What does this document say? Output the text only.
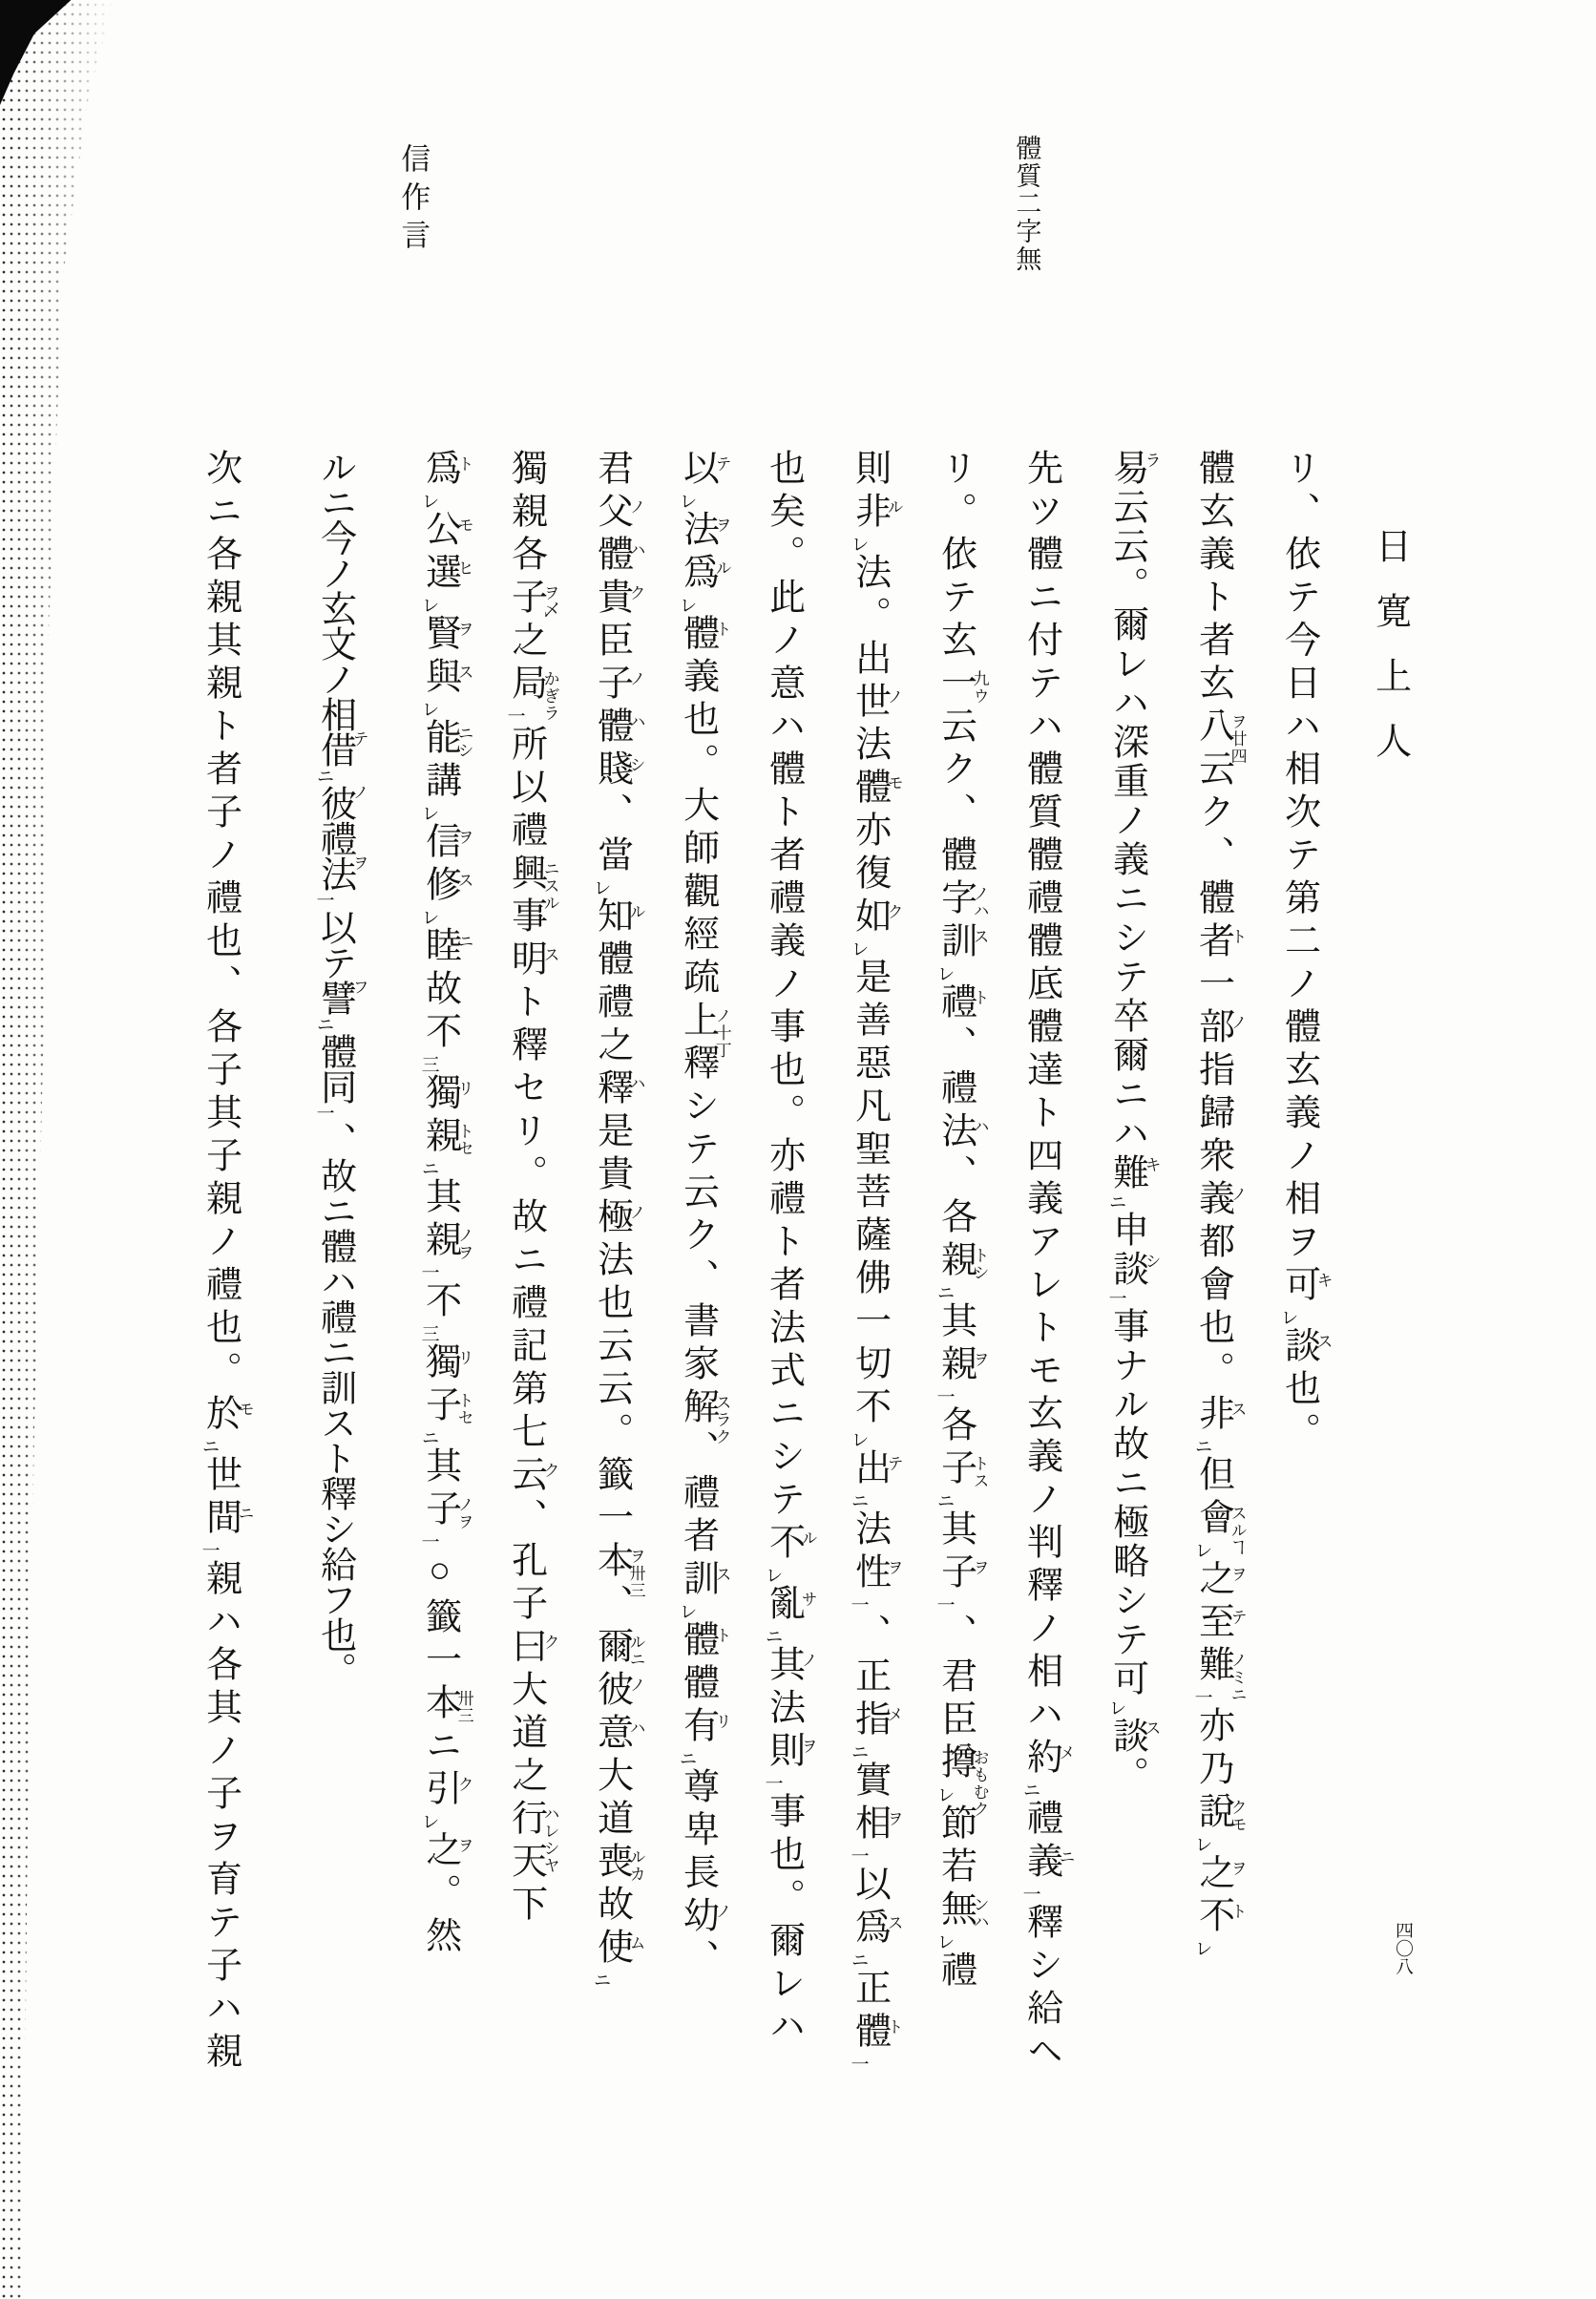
日寛上人
體質二字無
信作言
四〇八
リ、依テ今日ハ相次テ第二ノ體玄義ノ相ヲ可キレ談ス也。
體玄義ト者玄八ヲ廿四云ク、體者ト一部ノ指歸衆義ノ都會也。非スニ但會スルヿレ之ヲ至テ難ノミニ一亦乃說クモレ之ヲ不トレ
易ラ云云。爾レハ深重ノ義ニシテ卒爾ニハ難キニ申談シ一事ナル故ニ極略シテ可レ談ス。
先ツ體ニ付テハ體質體禮體底體達ト四義アレトモ玄義ノ判釋ノ相ハ約メニ禮義ニ一釋シ給ヘ
リ。依テ玄一九ウ云ク、體字ノハ訓スレ禮ト、禮法ハ、各親トシニ其親ヲ一各子トスニ其子ヲ一、君臣撙おもむクレ節若無ンハレ禮
則非ルレ法。出世ノ法體モ亦復如クレ是善惡凡聖菩薩佛一切不レ出テニ法性ヲ一、正指メニ實相ヲ一以爲スニ正體ト一
也矣。此ノ意ハ體ト者禮義ノ事也。亦禮ト者法式ニシテ不ルレ亂サニ其ノ法則ヲ一事也。爾レハ
以テレ法ヲ爲ルレ體ト義也。大師觀經疏上ノ十丁釋シテ云ク、書家解スラク、禮者訓スレ體ト體有リニ尊卑長幼ノ、
君父ノ體ハ貴ク臣子ノ體ハ賤シ、當レ知ル體禮之釋ハ是貴極ノ法也云云。籤一本ヲ卅三、爾ルニ彼ノ意ハ大道喪ルカ故使ムニ
獨親各子ヲ乄之局かぎラ一所以禮興ニスル事明スト釋セリ。故ニ禮記第七云ク、孔子曰ク大道之行ハレシヤ天下
爲トレ公モ選ヒレ賢ヲ與スレ能ニシ講レ信ヲ修スレ睦ニ故不三獨リ親トセニ其親ノヲ一不三獨リ子トセニ其子ノヲ一○籤一本卅三ニ引クレ之ヲ。然
ルニ今ノ玄文ノ相借テニ彼ノ禮法ヲ一以テ譬フニ體同一、故ニ體ハ禮ニ訓スト釋シ給フ也。
次ニ各親其親ト者子ノ禮也、各子其子親ノ禮也。於モニ世間ニ一親ハ各其ノ子ヲ育テ子ハ親
